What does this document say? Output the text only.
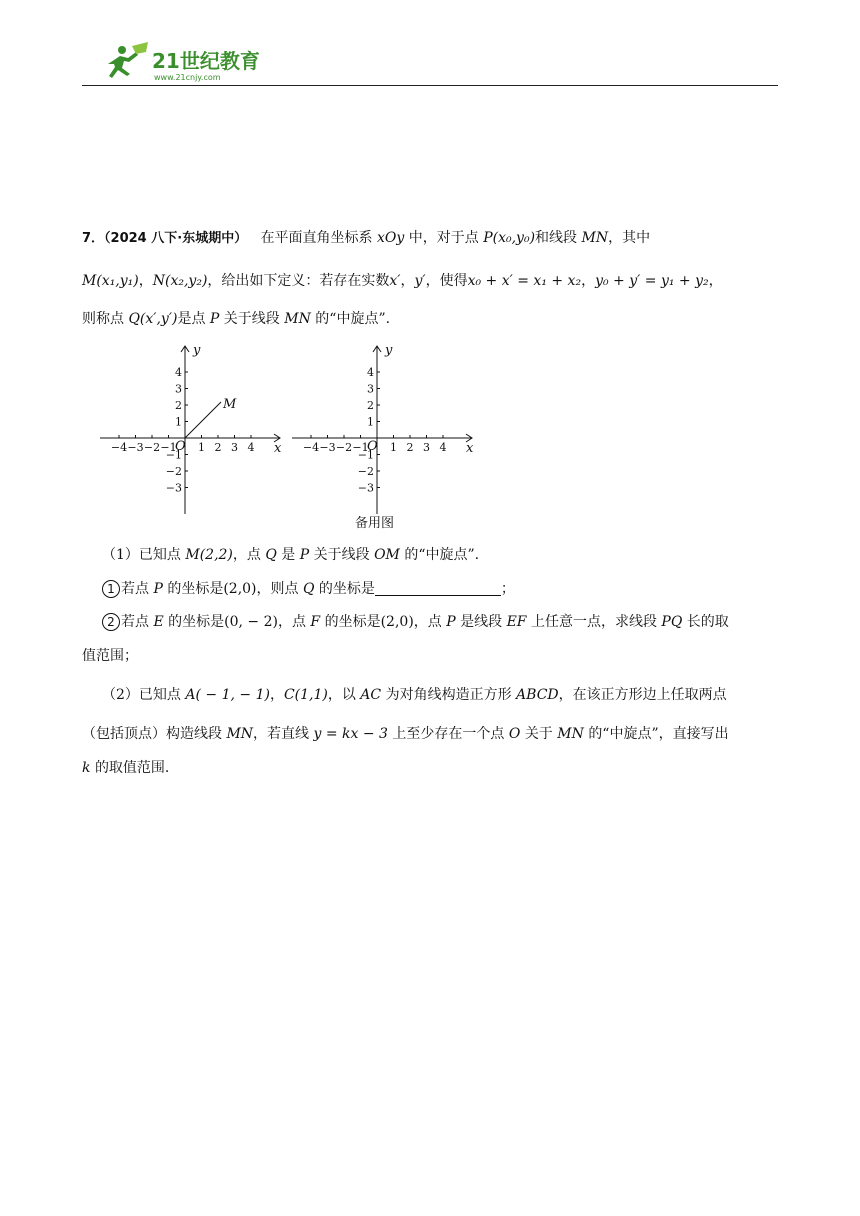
21世纪教育
www.21cnjy.com
7．（2024 八下·东城期中） 在平面直角坐标系 xOy 中，对于点 P(x₀,y₀)和线段 MN，其中
M(x₁,y₁)，N(x₂,y₂)，给出如下定义：若存在实数x′，y′，使得x₀ + x′ = x₁ + x₂，y₀ + y′ = y₁ + y₂，
则称点 Q(x′,y′)是点 P 关于线段 MN 的“中旋点”.
−4 −3 −2 −1 1 2 3 4
4
3
2
1
−1
−2
−3
x
y
O
M
−4 −3 −2 −1 1 2 3 4
4
3
2
1
−1
−2
−3
x
y
O
备用图
（1）已知点 M(2,2)，点 Q 是 P 关于线段 OM 的“中旋点”.
1 若点 P 的坐标是(2,0)，则点 Q 的坐标是	；
2 若点 E 的坐标是(0, − 2)，点 F 的坐标是(2,0)，点 P 是线段 EF 上任意一点，求线段 PQ 长的取
值范围；
（2）已知点 A( − 1, − 1)，C(1,1)，以 AC 为对角线构造正方形 ABCD，在该正方形边上任取两点
（包括顶点）构造线段 MN，若直线 y = kx − 3 上至少存在一个点 O 关于 MN 的“中旋点”，直接写出
k 的取值范围.
